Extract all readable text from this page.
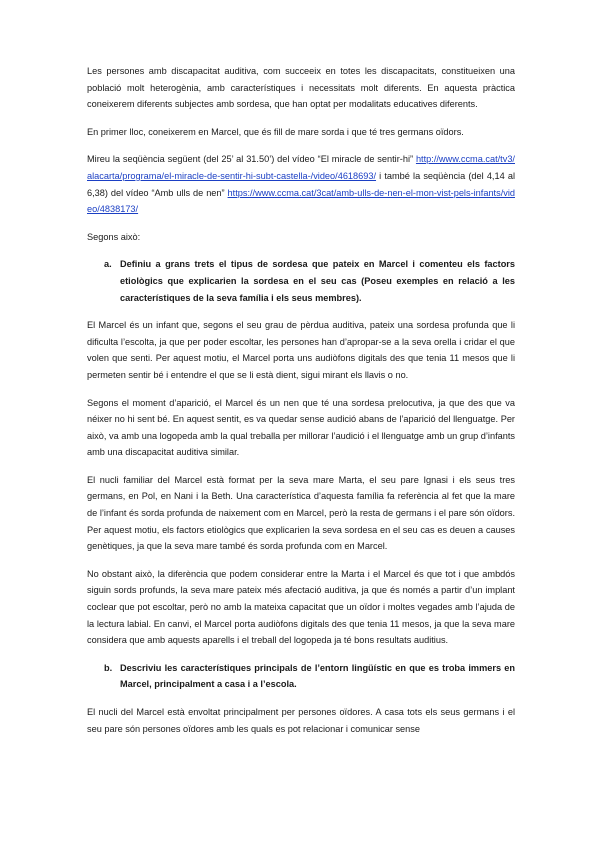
Les persones amb discapacitat auditiva, com succeeix en totes les discapacitats, constitueixen una població molt heterogènia, amb característiques i necessitats molt diferents. En aquesta pràctica coneixerem diferents subjectes amb sordesa, que han optat per modalitats educatives diferents.

En primer lloc, coneixerem en Marcel, que és fill de mare sorda i que té tres germans oïdors.

Mireu la seqüència següent (del 25’ al 31.50’) del vídeo “El miracle de sentir-hi” http://www.ccma.cat/tv3/alacarta/programa/el-miracle-de-sentir-hi-subt-castella-/video/4618693/ i també la seqüència (del 4,14 al 6,38) del vídeo “Amb ulls de nen” https://www.ccma.cat/3cat/amb-ulls-de-nen-el-mon-vist-pels-infants/video/4838173/

Segons això:

a. Definiu a grans trets el tipus de sordesa que pateix en Marcel i comenteu els factors etiològics que explicarien la sordesa en el seu cas (Poseu exemples en relació a les característiques de la seva família i els seus membres).

El Marcel és un infant que, segons el seu grau de pèrdua auditiva, pateix una sordesa profunda que li dificulta l’escolta, ja que per poder escoltar, les persones han d’apropar-se a la seva orella i cridar el que volen que senti. Per aquest motiu, el Marcel porta uns audiòfons digitals des que tenia 11 mesos que li permeten sentir bé i entendre el que se li està dient, sigui mirant els llavis o no.

Segons el moment d’aparició, el Marcel és un nen que té una sordesa prelocutiva, ja que des que va néixer no hi sent bé. En aquest sentit, es va quedar sense audició abans de l’aparició del llenguatge. Per això, va amb una logopeda amb la qual treballa per millorar l’audició i el llenguatge amb un grup d’infants amb una discapacitat auditiva similar.

El nucli familiar del Marcel està format per la seva mare Marta, el seu pare Ignasi i els seus tres germans, en Pol, en Nani i la Beth. Una característica d’aquesta família fa referència al fet que la mare de l’infant és sorda profunda de naixement com en Marcel, però la resta de germans i el pare són oïdors. Per aquest motiu, els factors etiològics que explicarien la seva sordesa en el seu cas es deuen a causes genètiques, ja que la seva mare també és sorda profunda com en Marcel.

No obstant això, la diferència que podem considerar entre la Marta i el Marcel és que tot i que ambdós siguin sords profunds, la seva mare pateix més afectació auditiva, ja que és només a partir d’un implant coclear que pot escoltar, però no amb la mateixa capacitat que un oïdor i moltes vegades amb l’ajuda de la lectura labial. En canvi, el Marcel porta audiòfons digitals des que tenia 11 mesos, ja que la seva mare considera que amb aquests aparells i el treball del logopeda ja té bons resultats auditius.

b. Descriviu les característiques principals de l’entorn lingüístic en que es troba immers en Marcel, principalment a casa i a l’escola.

El nucli del Marcel està envoltat principalment per persones oïdores. A casa tots els seus germans i el seu pare són persones oïdores amb les quals es pot relacionar i comunicar sense
